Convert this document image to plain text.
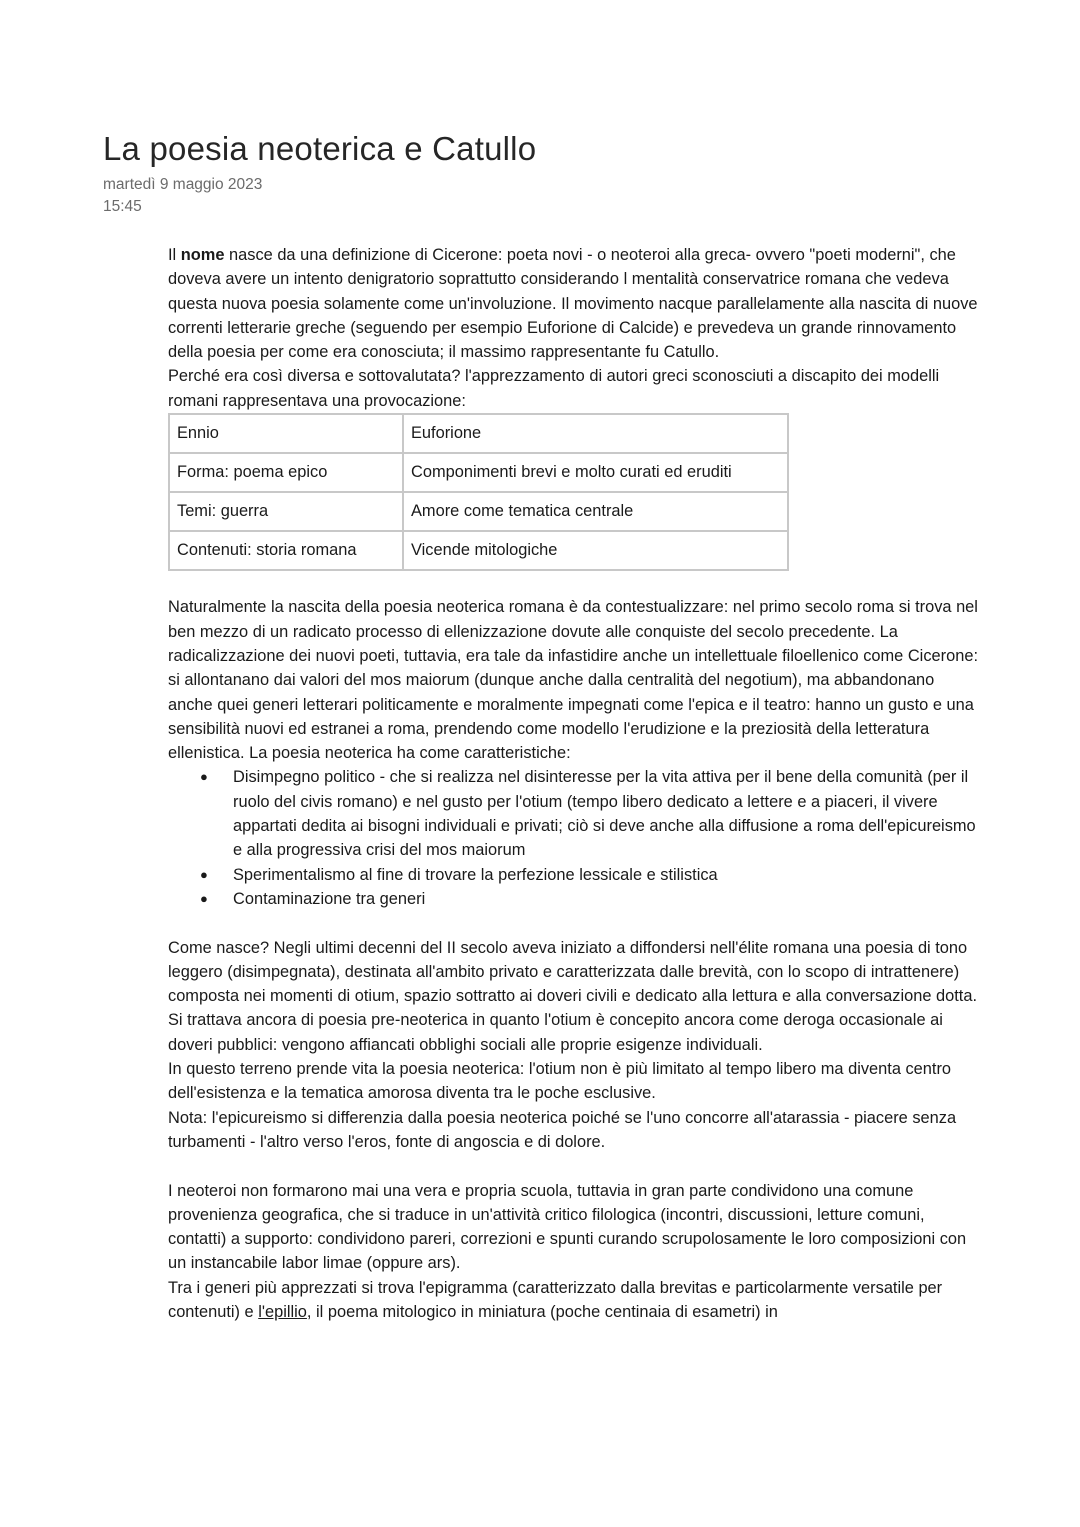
La poesia neoterica e Catullo
martedì 9 maggio 2023
15:45

Il nome nasce da una definizione di Cicerone: poeta novi - o neoteroi alla greca- ovvero "poeti moderni", che doveva avere un intento denigratorio soprattutto considerando l mentalità conservatrice romana che vedeva questa nuova poesia solamente come un'involuzione. Il movimento nacque parallelamente alla nascita di nuove correnti letterarie greche (seguendo per esempio Euforione di Calcide) e prevedeva un grande rinnovamento della poesia per come era conosciuta; il massimo rappresentante fu Catullo.

Perché era così diversa e sottovalutata? l'apprezzamento di autori greci sconosciuti a discapito dei modelli romani rappresentava una provocazione:

Ennio	Euforione
Forma: poema epico	Componimenti brevi e molto curati ed eruditi
Temi: guerra	Amore come tematica centrale
Contenuti: storia romana	Vicende mitologiche

Naturalmente la nascita della poesia neoterica romana è da contestualizzare: nel primo secolo roma si trova nel ben mezzo di un radicato processo di ellenizzazione dovute alle conquiste del secolo precedente. La radicalizzazione dei nuovi poeti, tuttavia, era tale da infastidire anche un intellettuale filoellenico come Cicerone: si allontanano dai valori del mos maiorum (dunque anche dalla centralità del negotium), ma abbandonano anche quei generi letterari politicamente e moralmente impegnati come l'epica e il teatro: hanno un gusto e una sensibilità nuovi ed estranei a roma, prendendo come modello l'erudizione e la preziosità della letteratura ellenistica. La poesia neoterica ha come caratteristiche:

● Disimpegno politico - che si realizza nel disinteresse per la vita attiva per il bene della comunità (per il ruolo del civis romano) e nel gusto per l'otium (tempo libero dedicato a lettere e a piaceri, il vivere appartati dedita ai bisogni individuali e privati; ciò si deve anche alla diffusione a roma dell'epicureismo e alla progressiva crisi del mos maiorum
● Sperimentalismo al fine di trovare la perfezione lessicale e stilistica
● Contaminazione tra generi

Come nasce? Negli ultimi decenni del II secolo aveva iniziato a diffondersi nell'élite romana una poesia di tono leggero (disimpegnata), destinata all'ambito privato e caratterizzata dalle brevità, con lo scopo di intrattenere) composta nei momenti di otium, spazio sottratto ai doveri civili e dedicato alla lettura e alla conversazione dotta. Si trattava ancora di poesia pre-neoterica in quanto l'otium è concepito ancora come deroga occasionale ai doveri pubblici: vengono affiancati obblighi sociali alle proprie esigenze individuali.

In questo terreno prende vita la poesia neoterica: l'otium non è più limitato al tempo libero ma diventa centro dell'esistenza e la tematica amorosa diventa tra le poche esclusive.

Nota: l'epicureismo si differenzia dalla poesia neoterica poiché se l'uno concorre all'atarassia - piacere senza turbamenti - l'altro verso l'eros, fonte di angoscia e di dolore.

I neoteroi non formarono mai una vera e propria scuola, tuttavia in gran parte condividono una comune provenienza geografica, che si traduce in un'attività critico filologica (incontri, discussioni, letture comuni, contatti) a supporto: condividono pareri, correzioni e spunti curando scrupolosamente le loro composizioni con un instancabile labor limae (oppure ars).

Tra i generi più apprezzati si trova l'epigramma (caratterizzato dalla brevitas e particolarmente versatile per contenuti) e l'epillio, il poema mitologico in miniatura (poche centinaia di esametri) in
